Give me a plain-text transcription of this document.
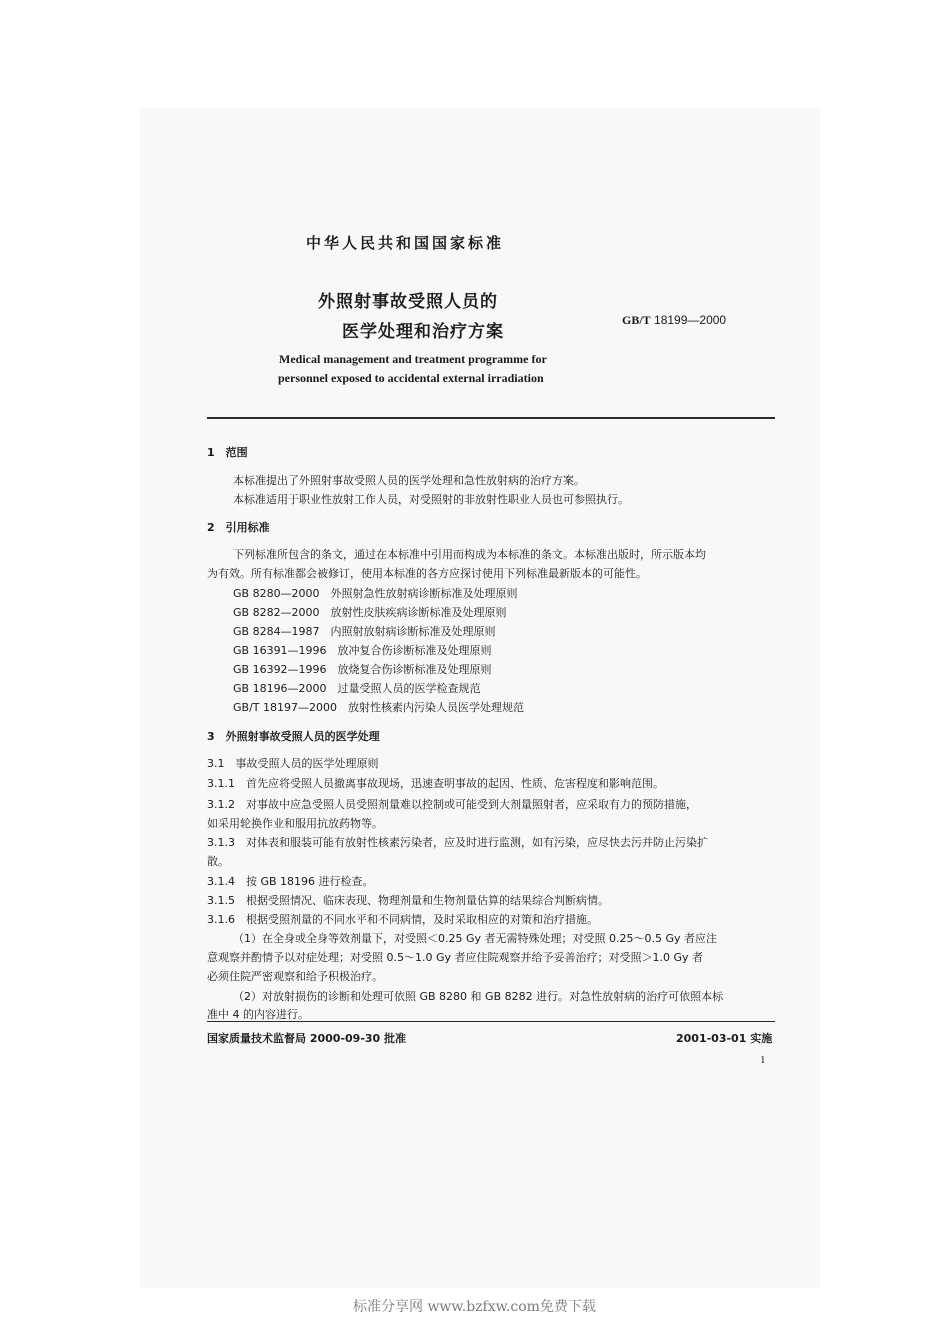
中华人民共和国国家标准
外照射事故受照人员的
医学处理和治疗方案
GB/T 18199—2000
Medical management and treatment programme for
personnel exposed to accidental external irradiation
1　范围
本标准提出了外照射事故受照人员的医学处理和急性放射病的治疗方案。
本标准适用于职业性放射工作人员，对受照射的非放射性职业人员也可参照执行。
2　引用标准
下列标准所包含的条文，通过在本标准中引用而构成为本标准的条文。本标准出版时，所示版本均
为有效。所有标准都会被修订，使用本标准的各方应探讨使用下列标准最新版本的可能性。
GB 8280—2000　外照射急性放射病诊断标准及处理原则
GB 8282—2000　放射性皮肤疾病诊断标准及处理原则
GB 8284—1987　内照射放射病诊断标准及处理原则
GB 16391—1996　放冲复合伤诊断标准及处理原则
GB 16392—1996　放烧复合伤诊断标准及处理原则
GB 18196—2000　过量受照人员的医学检查规范
GB/T 18197—2000　放射性核素内污染人员医学处理规范
3　外照射事故受照人员的医学处理
3.1　事故受照人员的医学处理原则
3.1.1　首先应将受照人员撤离事故现场，迅速查明事故的起因、性质、危害程度和影响范围。
3.1.2　对事故中应急受照人员受照剂量难以控制或可能受到大剂量照射者，应采取有力的预防措施，
如采用轮换作业和服用抗放药物等。
3.1.3　对体表和服装可能有放射性核素污染者，应及时进行监测，如有污染，应尽快去污并防止污染扩
散。
3.1.4　按 GB 18196 进行检查。
3.1.5　根据受照情况、临床表现、物理剂量和生物剂量估算的结果综合判断病情。
3.1.6　根据受照剂量的不同水平和不同病情，及时采取相应的对策和治疗措施。
（1）在全身或全身等效剂量下，对受照＜0.25 Gy 者无需特殊处理；对受照 0.25～0.5 Gy 者应注
意观察并酌情予以对症处理；对受照 0.5～1.0 Gy 者应住院观察并给予妥善治疗；对受照＞1.0 Gy 者
必须住院严密观察和给予积极治疗。
（2）对放射损伤的诊断和处理可依照 GB 8280 和 GB 8282 进行。对急性放射病的治疗可依照本标
准中 4 的内容进行。
国家质量技术监督局 2000-09-30 批准	2001-03-01 实施
1
标准分享网 www.bzfxw.com免费下载
